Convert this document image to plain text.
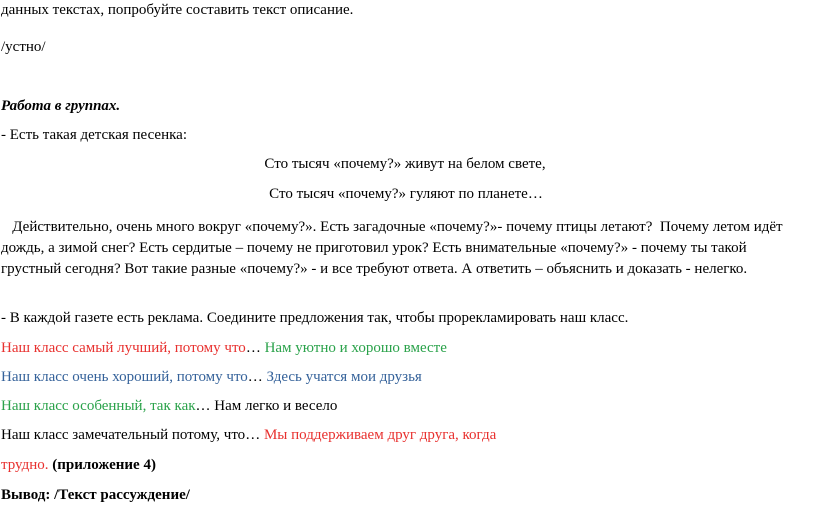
данных текстах, попробуйте составить текст описание.
/устно/
Работа в группах.
- Есть такая детская песенка:
Сто тысяч «почему?» живут на белом свете,
Сто тысяч «почему?» гуляют по планете…
Действительно, очень много вокруг «почему?». Есть загадочные «почему?»- почему птицы летают?  Почему летом идёт дождь, а зимой снег? Есть сердитые – почему не приготовил урок? Есть внимательные «почему?» - почему ты такой грустный сегодня? Вот такие разные «почему?» - и все требуют ответа. А ответить – объяснить и доказать - нелегко.
- В каждой газете есть реклама. Соедините предложения так, чтобы прорекламировать наш класс.
Наш класс самый лучший, потому что… Нам уютно и хорошо вместе
Наш класс очень хороший, потому что… Здесь учатся мои друзья
Наш класс особенный, так как… Нам легко и весело
Наш класс замечательный потому, что… Мы поддерживаем друг друга, когда
трудно. (приложение 4)
Вывод: /Текст рассуждение/
